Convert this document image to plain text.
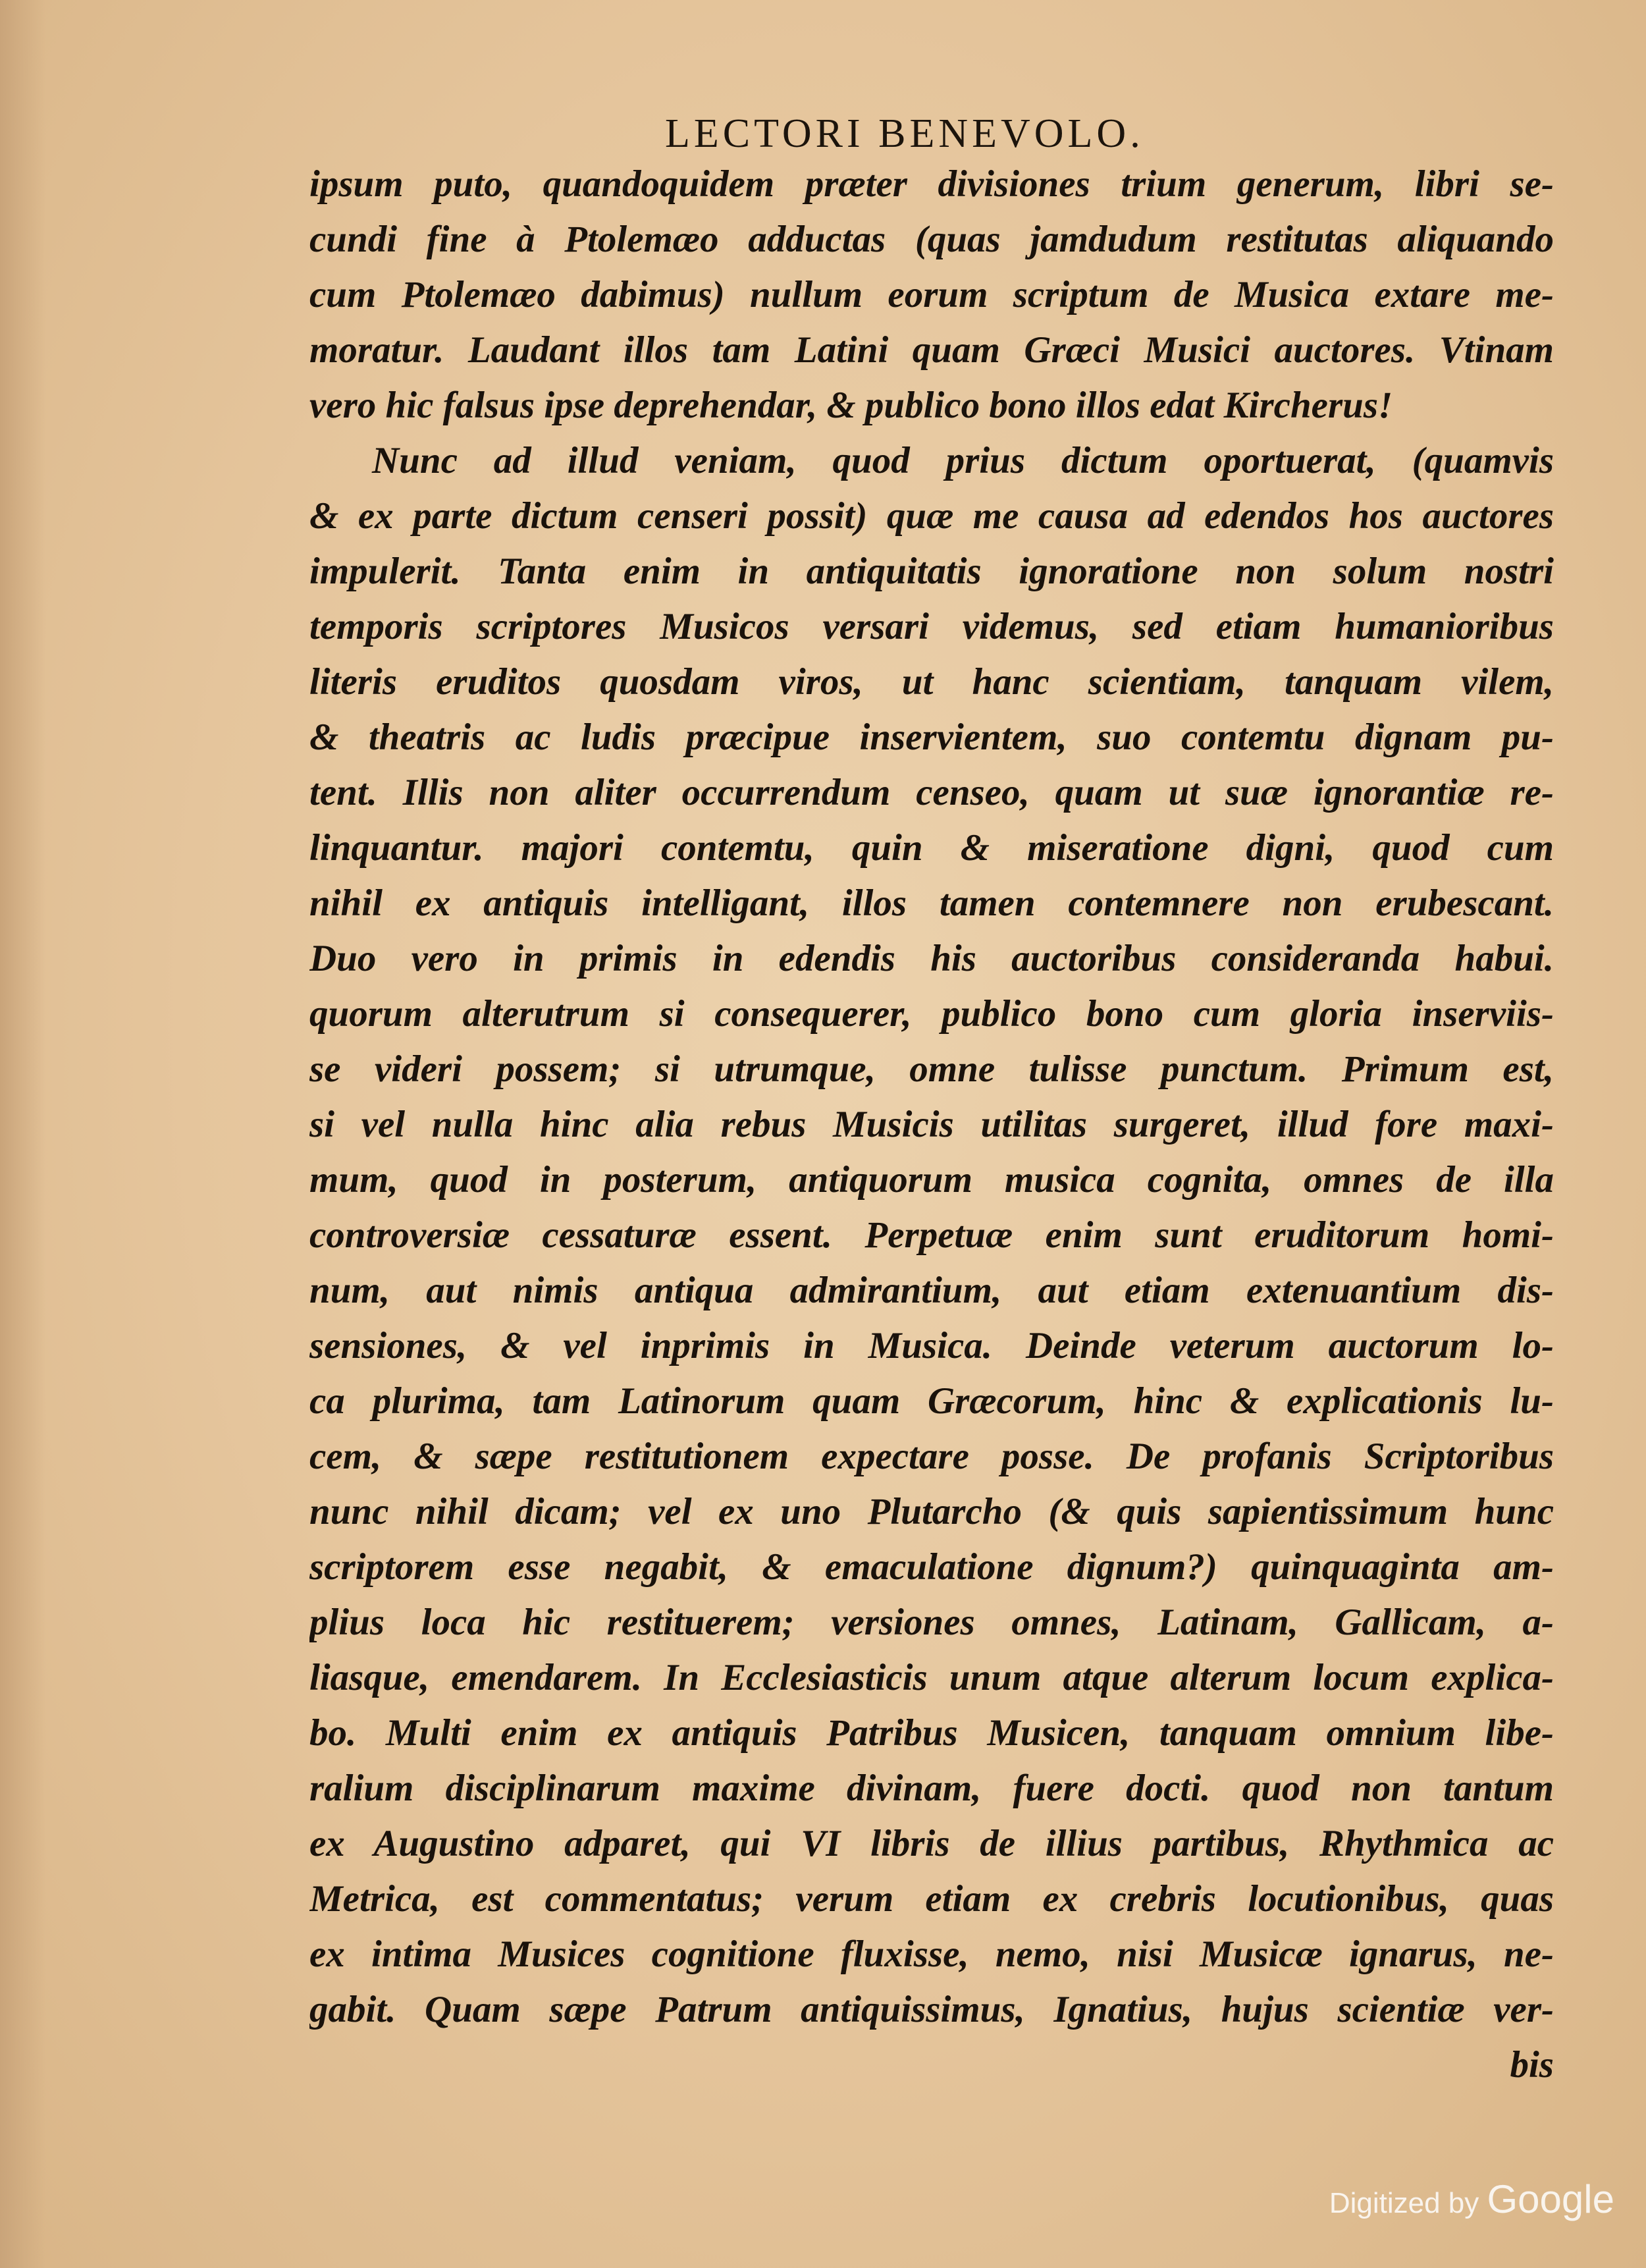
LECTORI BENEVOLO.
ipsum puto, quandoquidem præter divisiones trium generum, libri se-
cundi fine à Ptolemæo adductas (quas jamdudum restitutas aliquando
cum Ptolemæo dabimus) nullum eorum scriptum de Musica extare me-
moratur. Laudant illos tam Latini quam Græci Musici auctores. Vtinam
vero hic falsus ipse deprehendar, & publico bono illos edat Kircherus!
Nunc ad illud veniam, quod prius dictum oportuerat, (quamvis
& ex parte dictum censeri possit) quæ me causa ad edendos hos auctores
impulerit. Tanta enim in antiquitatis ignoratione non solum nostri
temporis scriptores Musicos versari videmus, sed etiam humanioribus
literis eruditos quosdam viros, ut hanc scientiam, tanquam vilem,
& theatris ac ludis præcipue inservientem, suo contemtu dignam pu-
tent. Illis non aliter occurrendum censeo, quam ut suæ ignorantiæ re-
linquantur. majori contemtu, quin & miseratione digni, quod cum
nihil ex antiquis intelligant, illos tamen contemnere non erubescant.
Duo vero in primis in edendis his auctoribus consideranda habui.
quorum alterutrum si consequerer, publico bono cum gloria inserviis-
se videri possem; si utrumque, omne tulisse punctum. Primum est,
si vel nulla hinc alia rebus Musicis utilitas surgeret, illud fore maxi-
mum, quod in posterum, antiquorum musica cognita, omnes de illa
controversiæ cessaturæ essent. Perpetuæ enim sunt eruditorum homi-
num, aut nimis antiqua admirantium, aut etiam extenuantium dis-
sensiones, & vel inprimis in Musica. Deinde veterum auctorum lo-
ca plurima, tam Latinorum quam Græcorum, hinc & explicationis lu-
cem, & sæpe restitutionem expectare posse. De profanis Scriptoribus
nunc nihil dicam; vel ex uno Plutarcho (& quis sapientissimum hunc
scriptorem esse negabit, & emaculatione dignum?) quinquaginta am-
plius loca hic restituerem; versiones omnes, Latinam, Gallicam, a-
liasque, emendarem. In Ecclesiasticis unum atque alterum locum explica-
bo. Multi enim ex antiquis Patribus Musicen, tanquam omnium libe-
ralium disciplinarum maxime divinam, fuere docti. quod non tantum
ex Augustino adparet, qui VI libris de illius partibus, Rhythmica ac
Metrica, est commentatus; verum etiam ex crebris locutionibus, quas
ex intima Musices cognitione fluxisse, nemo, nisi Musicæ ignarus, ne-
gabit. Quam sæpe Patrum antiquissimus, Ignatius, hujus scientiæ ver-
bis
Digitized by Google
